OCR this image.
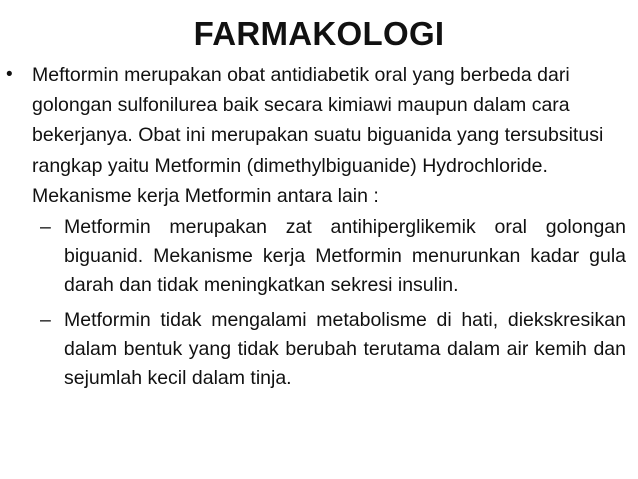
FARMAKOLOGI
• Meftormin merupakan obat antidiabetik oral yang berbeda dari golongan sulfonilurea baik secara kimiawi maupun dalam cara bekerjanya. Obat ini merupakan suatu biguanida yang tersubsitusi rangkap yaitu Metformin (dimethylbiguanide) Hydrochloride. Mekanisme kerja Metformin antara lain :
– Metformin merupakan zat antihiperglikemik oral golongan biguanid. Mekanisme kerja Metformin menurunkan kadar gula darah dan tidak meningkatkan sekresi insulin.
– Metformin tidak mengalami metabolisme di hati, diekskresikan dalam bentuk yang tidak berubah terutama dalam air kemih dan sejumlah kecil dalam tinja.
